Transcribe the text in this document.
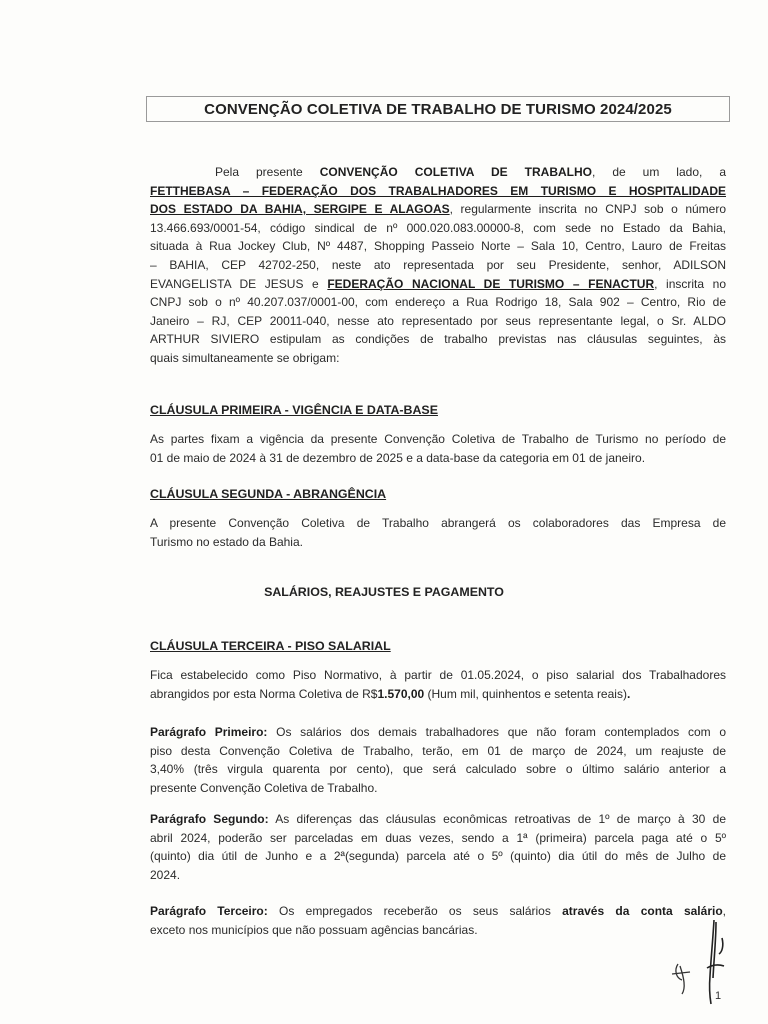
CONVENÇÃO COLETIVA DE TRABALHO DE TURISMO 2024/2025
Pela presente CONVENÇÃO COLETIVA DE TRABALHO, de um lado, a
FETTHEBASA – FEDERAÇÃO DOS TRABALHADORES EM TURISMO E HOSPITALIDADE
DOS ESTADO DA BAHIA, SERGIPE E ALAGOAS, regularmente inscrita no CNPJ sob o número
13.466.693/0001-54, código sindical de nº 000.020.083.00000-8, com sede no Estado da Bahia,
situada à Rua Jockey Club, Nº 4487, Shopping Passeio Norte – Sala 10, Centro, Lauro de Freitas
– BAHIA, CEP 42702-250, neste ato representada por seu Presidente, senhor, ADILSON
EVANGELISTA DE JESUS e FEDERAÇÃO NACIONAL DE TURISMO – FENACTUR, inscrita no
CNPJ sob o nº 40.207.037/0001-00, com endereço a Rua Rodrigo 18, Sala 902 – Centro, Rio de
Janeiro – RJ, CEP 20011-040, nesse ato representado por seus representante legal, o Sr. ALDO
ARTHUR SIVIERO estipulam as condições de trabalho previstas nas cláusulas seguintes, às
quais simultaneamente se obrigam:
CLÁUSULA PRIMEIRA - VIGÊNCIA E DATA-BASE
As partes fixam a vigência da presente Convenção Coletiva de Trabalho de Turismo no período de
01 de maio de 2024 à 31 de dezembro de 2025 e a data-base da categoria em 01 de janeiro.
CLÁUSULA SEGUNDA - ABRANGÊNCIA
A presente Convenção Coletiva de Trabalho abrangerá os colaboradores das Empresa de
Turismo no estado da Bahia.
SALÁRIOS, REAJUSTES E PAGAMENTO
CLÁUSULA TERCEIRA - PISO SALARIAL
Fica estabelecido como Piso Normativo, à partir de 01.05.2024, o piso salarial dos Trabalhadores
abrangidos por esta Norma Coletiva de R$1.570,00 (Hum mil, quinhentos e setenta reais).
Parágrafo Primeiro: Os salários dos demais trabalhadores que não foram contemplados com o
piso desta Convenção Coletiva de Trabalho, terão, em 01 de março de 2024, um reajuste de
3,40% (três virgula quarenta por cento), que será calculado sobre o último salário anterior a
presente Convenção Coletiva de Trabalho.
Parágrafo Segundo: As diferenças das cláusulas econômicas retroativas de 1º de março à 30 de
abril 2024, poderão ser parceladas em duas vezes, sendo a 1ª (primeira) parcela paga até o 5º
(quinto) dia útil de Junho e a 2ª(segunda) parcela até o 5º (quinto) dia útil do mês de Julho de
2024.
Parágrafo Terceiro: Os empregados receberão os seus salários através da conta salário,
exceto nos municípios que não possuam agências bancárias.
1
